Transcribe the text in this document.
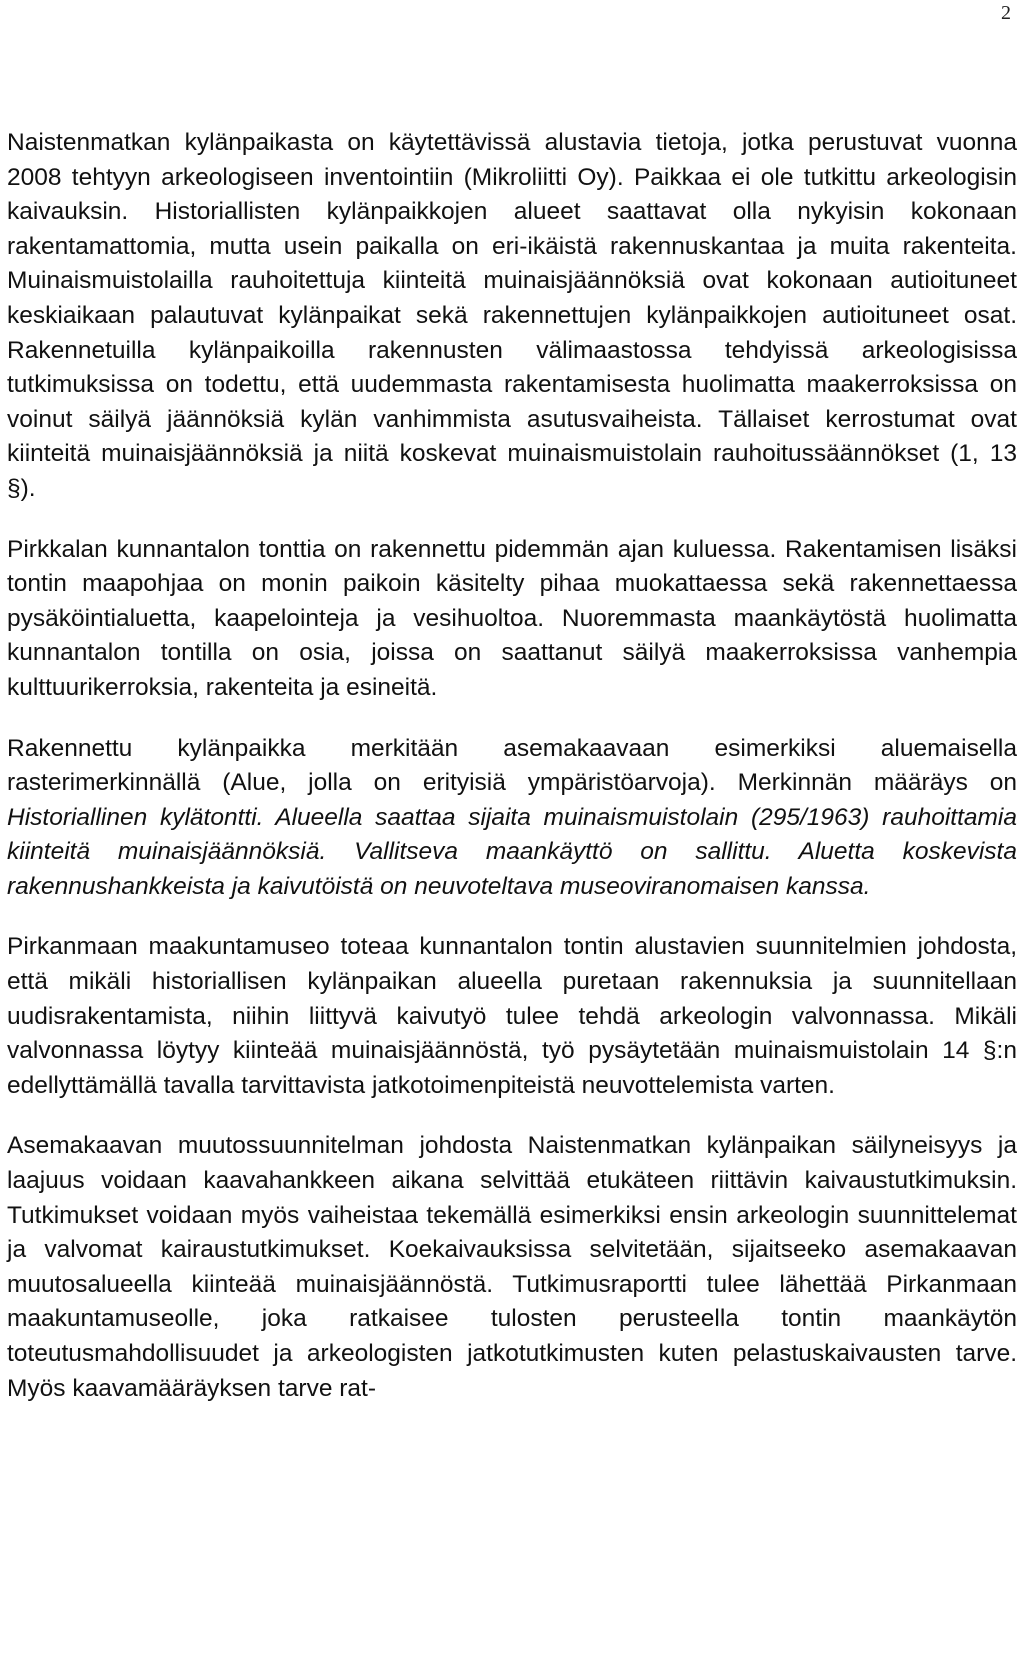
2

Naistenmatkan kylänpaikasta on käytettävissä alustavia tietoja, jotka perustuvat vuonna 2008 tehtyyn arkeologiseen inventointiin (Mikroliitti Oy). Paikkaa ei ole tutkittu arkeologisin kaivauksin. Historiallisten kylänpaikkojen alueet saattavat olla nykyisin kokonaan rakentamattomia, mutta usein paikalla on eri-ikäistä rakennuskantaa ja muita rakenteita. Muinaismuistolailla rauhoitettuja kiinteitä muinaisjäännöksiä ovat kokonaan autioituneet keskiaikaan palautuvat kylänpaikat sekä rakennettujen kylänpaikkojen autioituneet osat. Rakennetuilla kylänpaikoilla rakennusten välimaastossa tehdyissä arkeologisissa tutkimuksissa on todettu, että uudemmasta rakentamisesta huolimatta maakerroksissa on voinut säilyä jäännöksiä kylän vanhimmista asutusvaiheista. Tällaiset kerrostumat ovat kiinteitä muinaisjäännöksiä ja niitä koskevat muinaismuistolain rauhoitussäännökset (1, 13 §).

Pirkkalan kunnantalon tonttia on rakennettu pidemmän ajan kuluessa. Rakentamisen lisäksi tontin maapohjaa on monin paikoin käsitelty pihaa muokattaessa sekä rakennettaessa pysäköintialuetta, kaapelointeja ja vesihuoltoa. Nuoremmasta maankäytöstä huolimatta kunnantalon tontilla on osia, joissa on saattanut säilyä maakerroksissa vanhempia kulttuurikerroksia, rakenteita ja esineitä.

Rakennettu kylänpaikka merkitään asemakaavaan esimerkiksi aluemaisella rasterimerkinnällä (Alue, jolla on erityisiä ympäristöarvoja). Merkinnän määräys on Historiallinen kylätontti. Alueella saattaa sijaita muinaismuistolain (295/1963) rauhoittamia kiinteitä muinaisjäännöksiä. Vallitseva maankäyttö on sallittu. Aluetta koskevista rakennushankkeista ja kaivutöistä on neuvoteltava museoviranomaisen kanssa.

Pirkanmaan maakuntamuseo toteaa kunnantalon tontin alustavien suunnitelmien johdosta, että mikäli historiallisen kylänpaikan alueella puretaan rakennuksia ja suunnitellaan uudisrakentamista, niihin liittyvä kaivutyö tulee tehdä arkeologin valvonnassa. Mikäli valvonnassa löytyy kiinteää muinaisjäännöstä, työ pysäytetään muinaismuistolain 14 §:n edellyttämällä tavalla tarvittavista jatkotoimenpiteistä neuvottelemista varten.

Asemakaavan muutossuunnitelman johdosta Naistenmatkan kylänpaikan säilyneisyys ja laajuus voidaan kaavahankkeen aikana selvittää etukäteen riittävin kaivaustutkimuksin. Tutkimukset voidaan myös vaiheistaa tekemällä esimerkiksi ensin arkeologin suunnittelemat ja valvomat kairaustutkimukset. Koekaivauksissa selvitetään, sijaitseeko asemakaavan muutosalueella kiinteää muinaisjäännöstä. Tutkimusraportti tulee lähettää Pirkanmaan maakuntamuseolle, joka ratkaisee tulosten perusteella tontin maankäytön toteutusmahdollisuudet ja arkeologisten jatkotutkimusten kuten pelastuskaivausten tarve. Myös kaavamääräyksen tarve rat-
